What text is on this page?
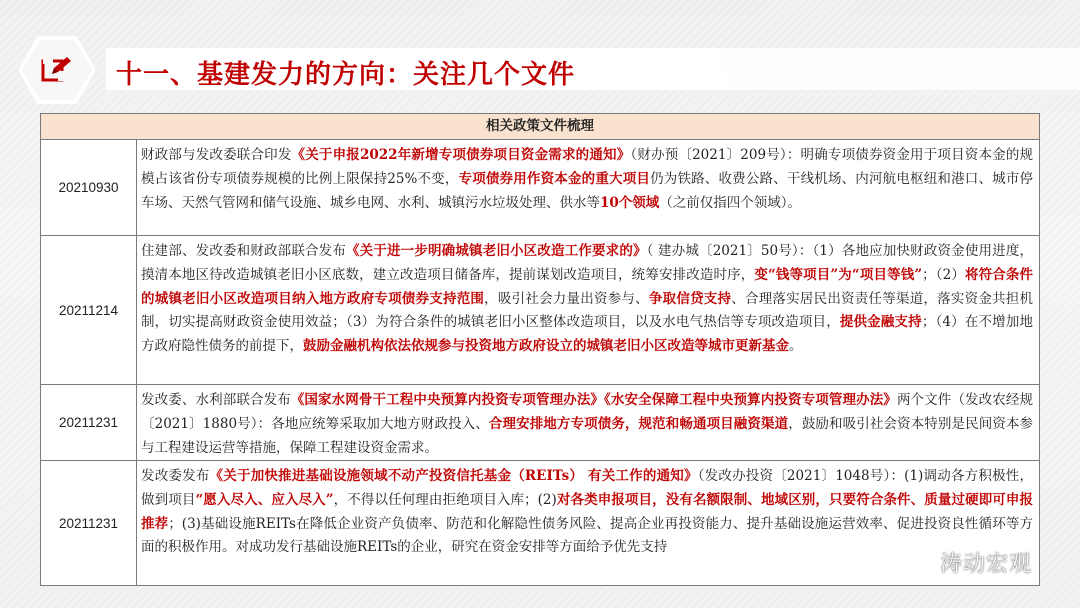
十一、基建发力的方向：关注几个文件
相关政策文件梳理
20210930
财政部与发改委联合印发《关于申报2022年新增专项债券项目资金需求的通知》（财办预〔2021〕209号）：明确专项债券资金用于项目资本金的规模占该省份专项债券规模的比例上限保持25%不变，专项债券用作资本金的重大项目仍为铁路、收费公路、干线机场、内河航电枢纽和港口、城市停车场、天然气管网和储气设施、城乡电网、水利、城镇污水垃圾处理、供水等10个领域（之前仅指四个领域）。
20211214
住建部、发改委和财政部联合发布《关于进一步明确城镇老旧小区改造工作要求的》（ 建办城〔2021〕50号）：（1）各地应加快财政资金使用进度，摸清本地区待改造城镇老旧小区底数，建立改造项目储备库，提前谋划改造项目，统筹安排改造时序，变“钱等项目”为“项目等钱”；（2）将符合条件的城镇老旧小区改造项目纳入地方政府专项债券支持范围，吸引社会力量出资参与、争取信贷支持、合理落实居民出资责任等渠道，落实资金共担机制，切实提高财政资金使用效益；（3）为符合条件的城镇老旧小区整体改造项目，以及水电气热信等专项改造项目，提供金融支持；（4）在不增加地方政府隐性债务的前提下，鼓励金融机构依法依规参与投资地方政府设立的城镇老旧小区改造等城市更新基金。
20211231
发改委、水利部联合发布《国家水网骨干工程中央预算内投资专项管理办法》《水安全保障工程中央预算内投资专项管理办法》两个文件（发改农经规〔2021〕1880号）：各地应统筹采取加大地方财政投入、合理安排地方专项债务，规范和畅通项目融资渠道，鼓励和吸引社会资本特别是民间资本参与工程建设运营等措施，保障工程建设资金需求。
20211231
发改委发布《关于加快推进基础设施领域不动产投资信托基金（REITs） 有关工作的通知》（发改办投资〔2021〕1048号）：(1)调动各方积极性，做到项目“愿入尽入、应入尽入”，不得以任何理由拒绝项目入库；(2)对各类申报项目，没有名额限制、地域区别，只要符合条件、质量过硬即可申报推荐；(3)基础设施REITs在降低企业资产负债率、防范和化解隐性债务风险、提高企业再投资能力、提升基础设施运营效率、促进投资良性循环等方面的积极作用。对成功发行基础设施REITs的企业，研究在资金安排等方面给予优先支持
涛动宏观
